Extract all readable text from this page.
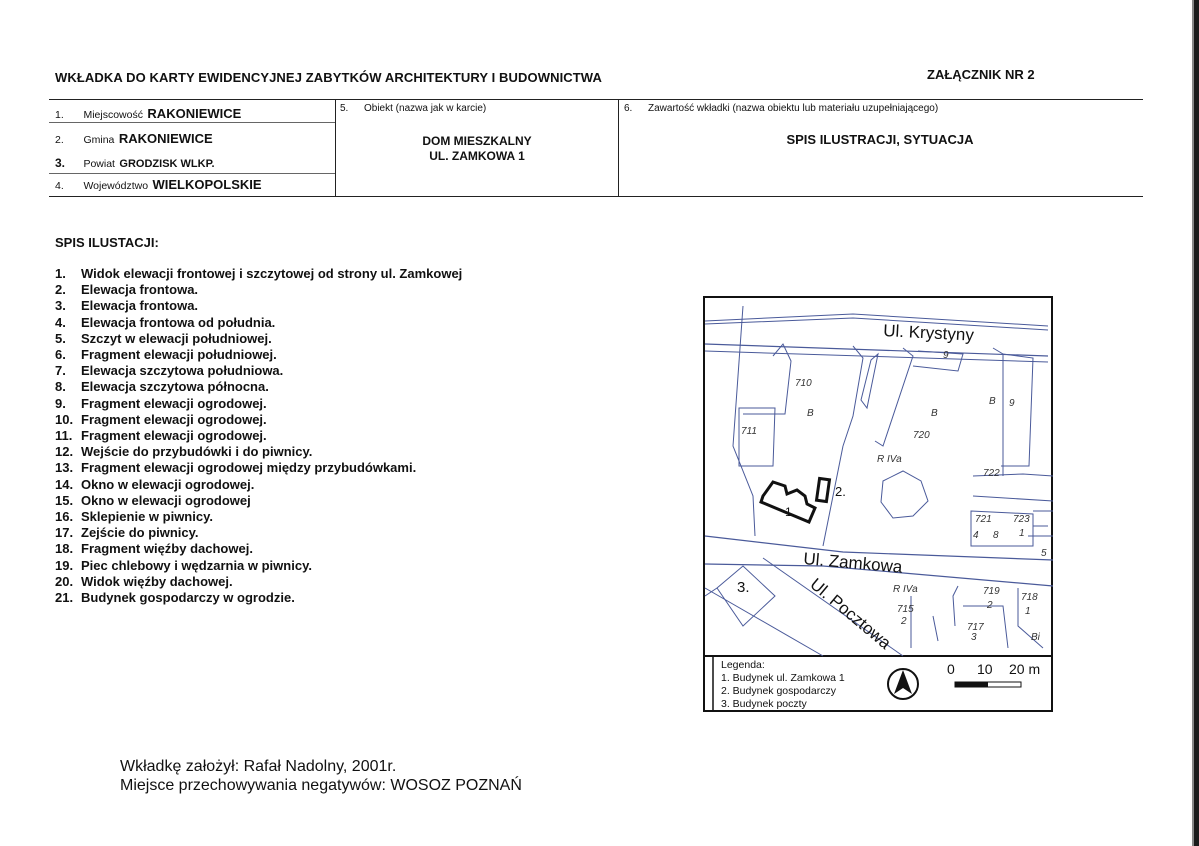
WKŁADKA DO KARTY EWIDENCYJNEJ ZABYTKÓW ARCHITEKTURY I BUDOWNICTWA	ZAŁĄCZNIK NR 2
1. Miejscowość RAKONIEWICE
2. Gmina RAKONIEWICE
3. Powiat GRODZISK WLKP.
4. Województwo WIELKOPOLSKIE
5. Obiekt (nazwa jak w karcie)
DOM MIESZKALNY
UL. ZAMKOWA 1
6. Zawartość wkładki (nazwa obiektu lub materiału uzupełniającego)
SPIS ILUSTRACJI, SYTUACJA
SPIS ILUSTACJI:
1. Widok elewacji frontowej i szczytowej od strony ul. Zamkowej
2. Elewacja frontowa.
3. Elewacja frontowa.
4. Elewacja frontowa od południa.
5. Szczyt w elewacji południowej.
6. Fragment elewacji południowej.
7. Elewacja szczytowa południowa.
8. Elewacja szczytowa północna.
9. Fragment elewacji ogrodowej.
10. Fragment elewacji ogrodowej.
11. Fragment elewacji ogrodowej.
12. Wejście do przybudówki i do piwnicy.
13. Fragment elewacji ogrodowej między przybudówkami.
14. Okno w elewacji ogrodowej.
15. Okno w elewacji ogrodowej
16. Sklepienie w piwnicy.
17. Zejście do piwnicy.
18. Fragment więźby dachowej.
19. Piec chlebowy i wędzarnia w piwnicy.
20. Widok więźby dachowej.
21. Budynek gospodarczy w ogrodzie.
Ul. Krystyny
Ul. Zamkowa
Ul. Pocztowa
710
B
711	720
B
R IVa
722
B 9
721 723
8
4
5
1
9
R IVa
715
2
717
3
719
2
718
1
Bi
1.
2.
3.
Legenda:
1. Budynek ul. Zamkowa 1
2. Budynek gospodarczy
3. Budynek poczty
0 10 20 m
Wkładkę założył: Rafał Nadolny, 2001r.
Miejsce przechowywania negatywów: WOSOZ POZNAŃ
